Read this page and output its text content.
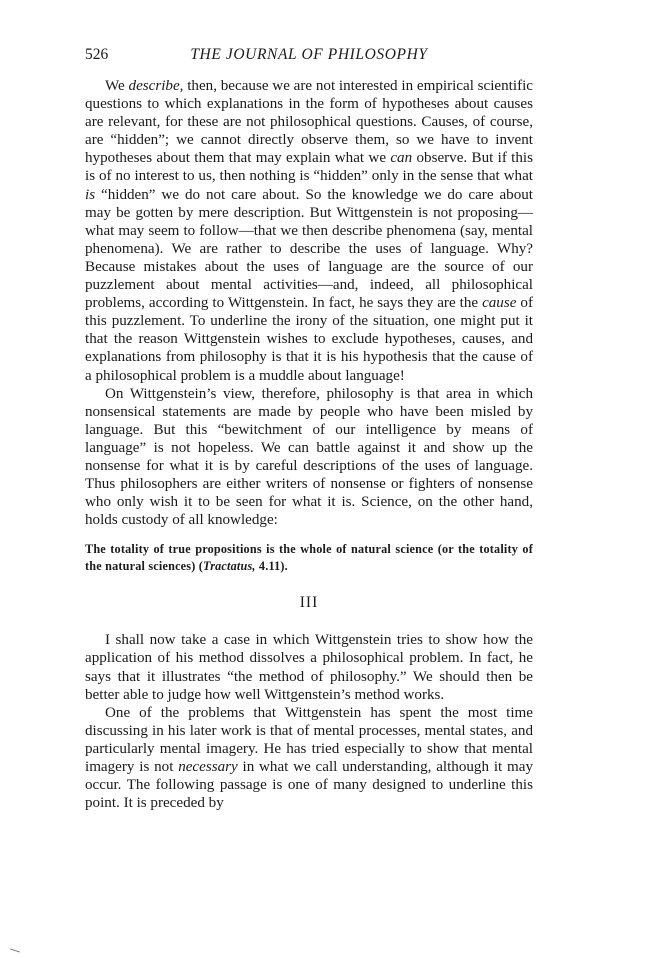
526	THE JOURNAL OF PHILOSOPHY

We describe, then, because we are not interested in empirical scientific questions to which explanations in the form of hypotheses about causes are relevant, for these are not philosophical questions. Causes, of course, are “hidden”; we cannot directly observe them, so we have to invent hypotheses about them that may explain what we can observe. But if this is of no interest to us, then nothing is “hidden” only in the sense that what is “hidden” we do not care about. So the knowledge we do care about may be gotten by mere description. But Wittgenstein is not proposing—what may seem to follow—that we then describe phenomena (say, mental phenomena). We are rather to describe the uses of language. Why? Because mistakes about the uses of language are the source of our puzzlement about mental activities—and, indeed, all philosophical problems, according to Wittgenstein. In fact, he says they are the cause of this puzzlement. To underline the irony of the situation, one might put it that the reason Wittgenstein wishes to exclude hypotheses, causes, and explanations from philosophy is that it is his hypothesis that the cause of a philosophical problem is a muddle about language!

On Wittgenstein’s view, therefore, philosophy is that area in which nonsensical statements are made by people who have been misled by language. But this “bewitchment of our intelligence by means of language” is not hopeless. We can battle against it and show up the nonsense for what it is by careful descriptions of the uses of language. Thus philosophers are either writers of nonsense or fighters of nonsense who only wish it to be seen for what it is. Science, on the other hand, holds custody of all knowledge:

The totality of true propositions is the whole of natural science (or the totality of the natural sciences) (Tractatus, 4.11).

III

I shall now take a case in which Wittgenstein tries to show how the application of his method dissolves a philosophical problem. In fact, he says that it illustrates “the method of philosophy.” We should then be better able to judge how well Wittgenstein’s method works.

One of the problems that Wittgenstein has spent the most time discussing in his later work is that of mental processes, mental states, and particularly mental imagery. He has tried especially to show that mental imagery is not necessary in what we call understanding, although it may occur. The following passage is one of many designed to underline this point. It is preceded by
